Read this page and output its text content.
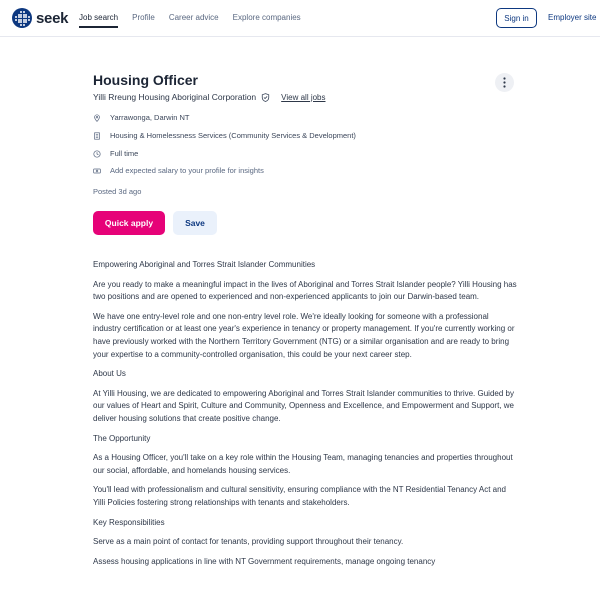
seek Job search Profile Career advice Explore companies	Sign in	Employer site
Housing Officer
Yilli Rreung Housing Aboriginal Corporation	View all jobs
Yarrawonga, Darwin NT
Housing & Homelessness Services (Community Services & Development)
Full time
Add expected salary to your profile for insights
Posted 3d ago
Quick apply	Save

Empowering Aboriginal and Torres Strait Islander Communities

Are you ready to make a meaningful impact in the lives of Aboriginal and Torres Strait Islander people? Yilli Housing has two positions and are opened to experienced and non-experienced applicants to join our Darwin-based team.

We have one entry-level role and one non-entry level role. We're ideally looking for someone with a professional industry certification or at least one year's experience in tenancy or property management. If you're currently working or have previously worked with the Northern Territory Government (NTG) or a similar organisation and are ready to bring your expertise to a community-controlled organisation, this could be your next career step.

About Us

At Yilli Housing, we are dedicated to empowering Aboriginal and Torres Strait Islander communities to thrive. Guided by our values of Heart and Spirit, Culture and Community, Openness and Excellence, and Empowerment and Support, we deliver housing solutions that create positive change.

The Opportunity

As a Housing Officer, you'll take on a key role within the Housing Team, managing tenancies and properties throughout our social, affordable, and homelands housing services.

You'll lead with professionalism and cultural sensitivity, ensuring compliance with the NT Residential Tenancy Act and Yilli Policies fostering strong relationships with tenants and stakeholders.

Key Responsibilities

Serve as a main point of contact for tenants, providing support throughout their tenancy.

Assess housing applications in line with NT Government requirements, manage ongoing tenancy
